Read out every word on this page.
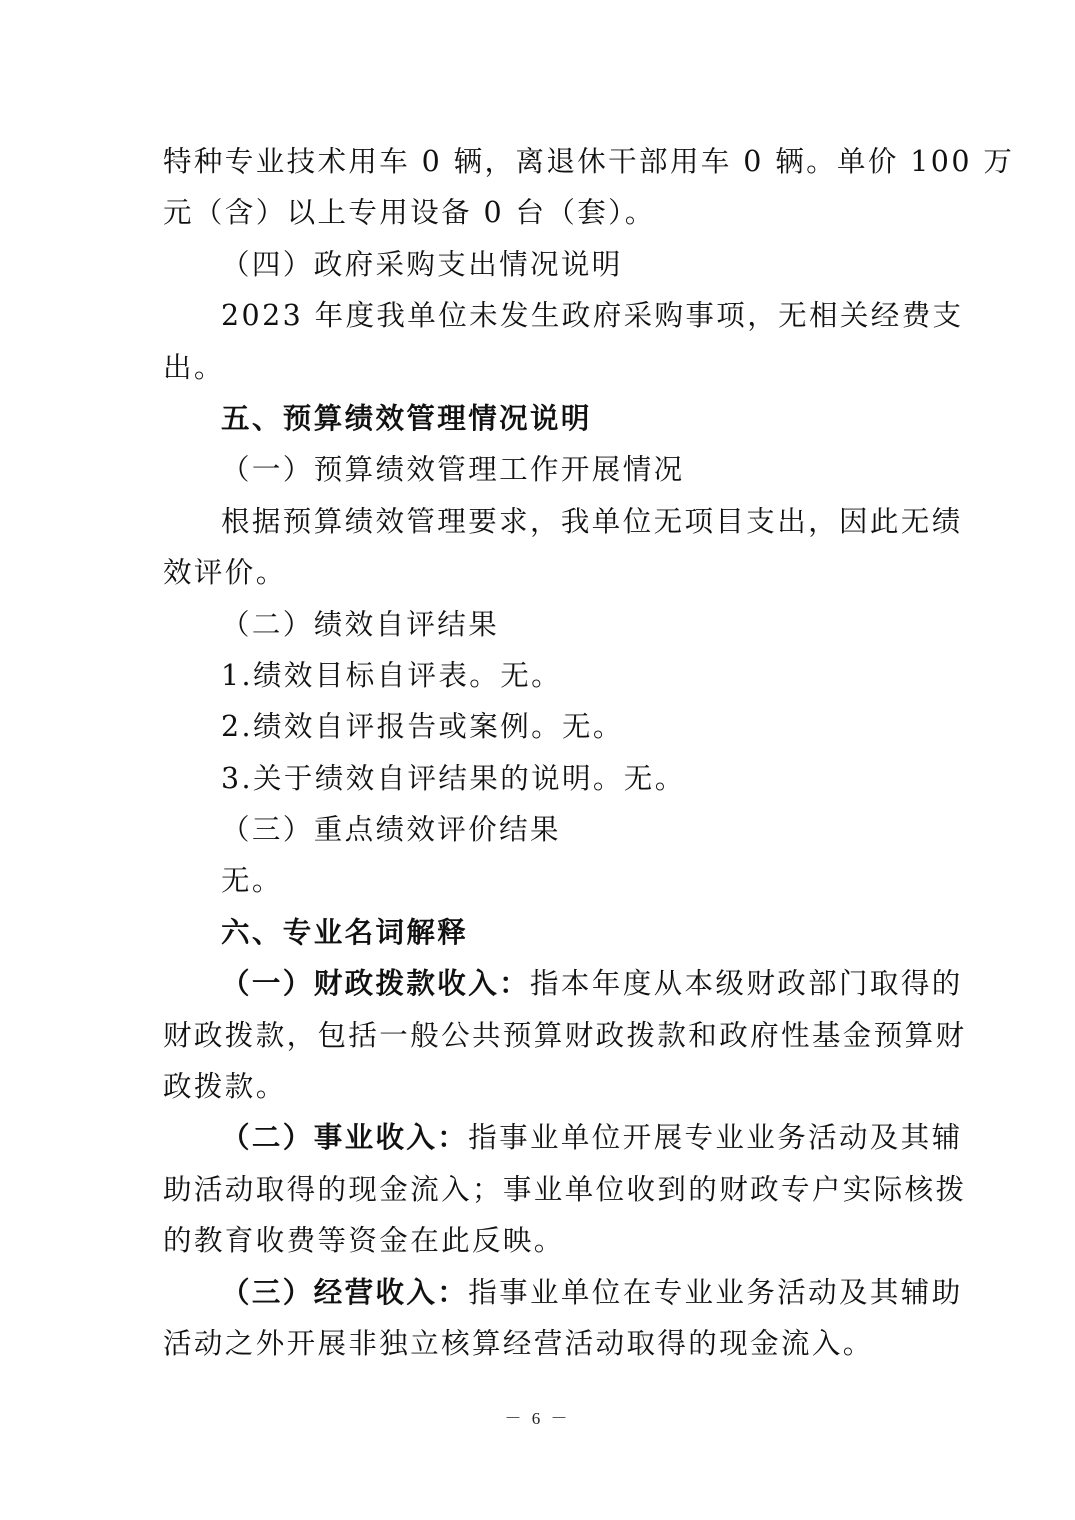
特种专业技术用车 0 辆，离退休干部用车 0 辆。单价 100 万
元（含）以上专用设备 0 台（套）。
（四）政府采购支出情况说明
2023 年度我单位未发生政府采购事项，无相关经费支
出。
五、预算绩效管理情况说明
（一）预算绩效管理工作开展情况
根据预算绩效管理要求，我单位无项目支出，因此无绩
效评价。
（二）绩效自评结果
1.绩效目标自评表。无。
2.绩效自评报告或案例。无。
3.关于绩效自评结果的说明。无。
（三）重点绩效评价结果
无。
六、专业名词解释
（一）财政拨款收入：指本年度从本级财政部门取得的
财政拨款，包括一般公共预算财政拨款和政府性基金预算财
政拨款。
（二）事业收入：指事业单位开展专业业务活动及其辅
助活动取得的现金流入；事业单位收到的财政专户实际核拨
的教育收费等资金在此反映。
（三）经营收入：指事业单位在专业业务活动及其辅助
活动之外开展非独立核算经营活动取得的现金流入。
－ 6 －
